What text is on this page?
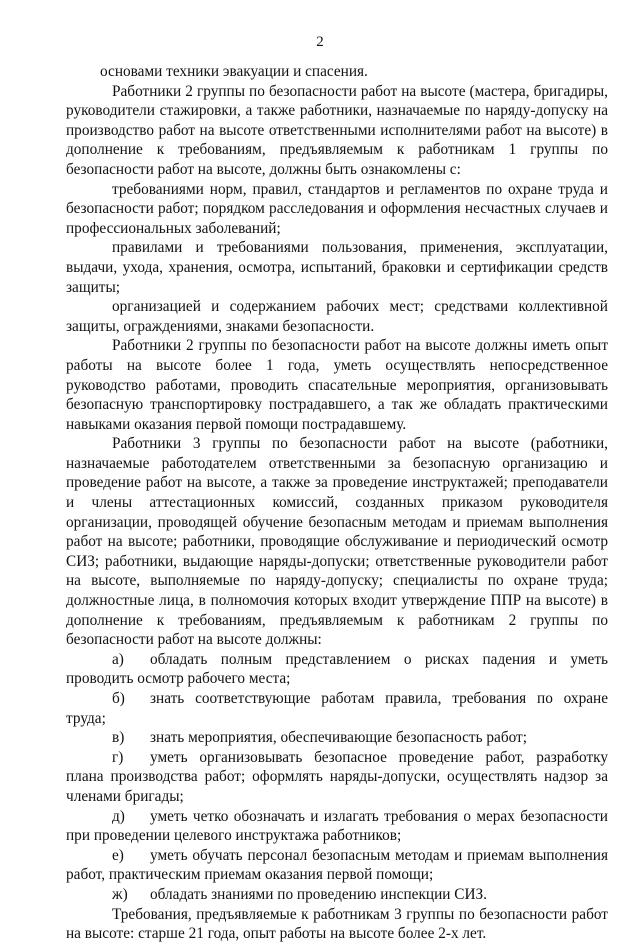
2

основами техники эвакуации и спасения.

Работники 2 группы по безопасности работ на высоте (мастера, бригадиры, руководители стажировки, а также работники, назначаемые по наряду-допуску на производство работ на высоте ответственными исполнителями работ на высоте) в дополнение к требованиям, предъявляемым к работникам 1 группы по безопасности работ на высоте, должны быть ознакомлены с:

требованиями норм, правил, стандартов и регламентов по охране труда и безопасности работ; порядком расследования и оформления несчастных случаев и профессиональных заболеваний;

правилами и требованиями пользования, применения, эксплуатации, выдачи, ухода, хранения, осмотра, испытаний, браковки и сертификации средств защиты;

организацией и содержанием рабочих мест; средствами коллективной защиты, ограждениями, знаками безопасности.

Работники 2 группы по безопасности работ на высоте должны иметь опыт работы на высоте более 1 года, уметь осуществлять непосредственное руководство работами, проводить спасательные мероприятия, организовывать безопасную транспортировку пострадавшего, а так же обладать практическими навыками оказания первой помощи пострадавшему.

Работники 3 группы по безопасности работ на высоте (работники, назначаемые работодателем ответственными за безопасную организацию и проведение работ на высоте, а также за проведение инструктажей; преподаватели и члены аттестационных комиссий, созданных приказом руководителя организации, проводящей обучение безопасным методам и приемам выполнения работ на высоте; работники, проводящие обслуживание и периодический осмотр СИЗ; работники, выдающие наряды-допуски; ответственные руководители работ на высоте, выполняемые по наряду-допуску; специалисты по охране труда; должностные лица, в полномочия которых входит утверждение ППР на высоте) в дополнение к требованиям, предъявляемым к работникам 2 группы по безопасности работ на высоте должны:

а) обладать полным представлением о рисках падения и уметь проводить осмотр рабочего места;

б) знать соответствующие работам правила, требования по охране труда;

в) знать мероприятия, обеспечивающие безопасность работ;

г) уметь организовывать безопасное проведение работ, разработку плана производства работ; оформлять наряды-допуски, осуществлять надзор за членами бригады;

д) уметь четко обозначать и излагать требования о мерах безопасности при проведении целевого инструктажа работников;

е) уметь обучать персонал безопасным методам и приемам выполнения работ, практическим приемам оказания первой помощи;

ж) обладать знаниями по проведению инспекции СИЗ.

Требования, предъявляемые к работникам 3 группы по безопасности работ на высоте: старше 21 года, опыт работы на высоте более 2-х лет.
